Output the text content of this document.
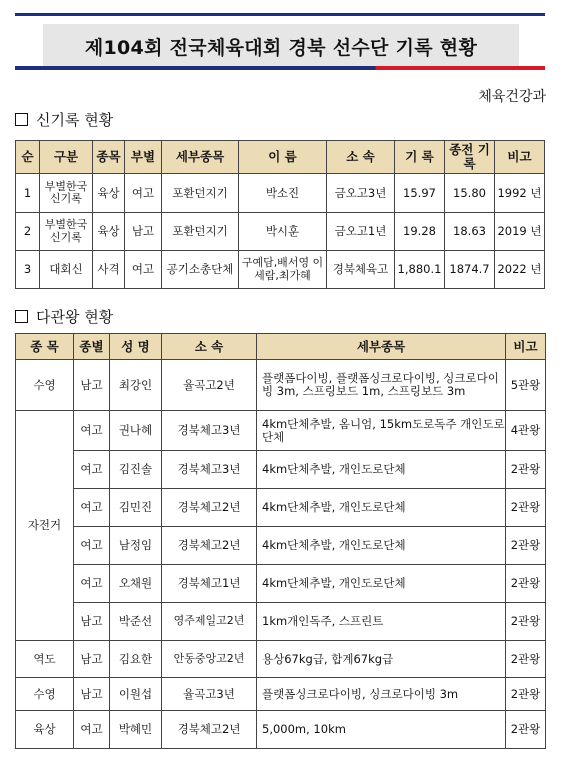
제104회 전국체육대회 경북 선수단 기록 현황
체육건강과
신기록 현황
순	구분	종목	부별	세부종목	이 름	소 속	기 록	종전 기록	비고
1	부별한국 신기록	육상	여고	포환던지기	박소진	금오고3년	15.97	15.80	1992 년
2	부별한국 신기록	육상	남고	포환던지기	박시훈	금오고1년	19.28	18.63	2019 년
3	대회신	사격	여고	공기소총단체	구예담,배서영 이세람,최가혜	경북체육고	1,880.1	1874.7	2022 년
다관왕 현황
종 목	종별	성 명	소 속	세부종목	비고
수영	남고	최강인	율곡고2년	플랫폼다이빙, 플랫폼싱크로다이빙, 싱크로다이빙 3m, 스프링보드 1m, 스프링보드 3m	5관왕
자전거	여고	권나혜	경북체고3년	4km단체추발, 옴니엄, 15km도로독주 개인도로단체	4관왕
	여고	김진솔	경북체고3년	4km단체추발, 개인도로단체	2관왕
	여고	김민진	경북체고2년	4km단체추발, 개인도로단체	2관왕
	여고	남정임	경북체고2년	4km단체추발, 개인도로단체	2관왕
	여고	오채원	경북체고1년	4km단체추발, 개인도로단체	2관왕
	남고	박준선	영주제일고2년	1km개인독주, 스프린트	2관왕
역도	남고	김요한	안동중앙고2년	용상67kg급, 합계67kg급	2관왕
수영	남고	이원섭	율곡고3년	플랫폼싱크로다이빙, 싱크로다이빙 3m	2관왕
육상	여고	박혜민	경북체고2년	5,000m, 10km	2관왕
